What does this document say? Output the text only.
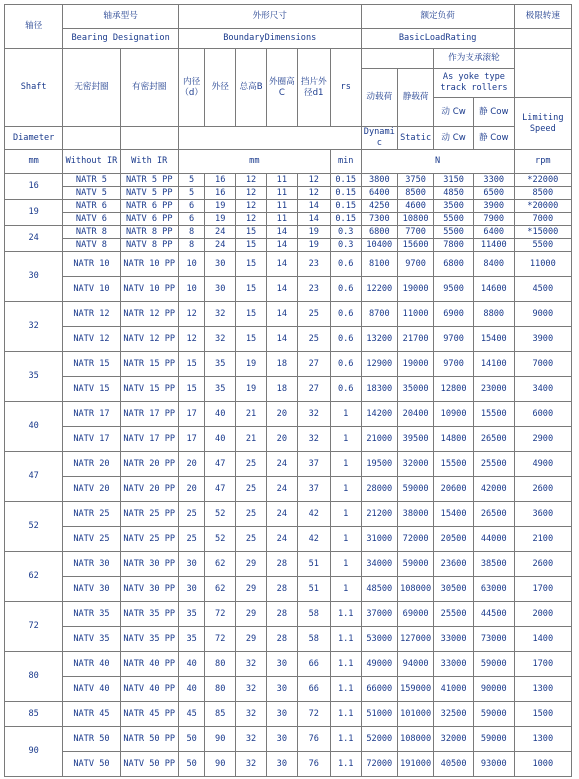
轴径	轴承型号		外形尺寸						额定负荷				极限转速
	Bearing Designation		BoundaryDimensions						BasicLoadRating				
Shaft	无密封圈	有密封圈	内径（d）	外径	总高B	外圈高C	挡片外径d1	rs			作为支承滚轮		
									动载荷	静载荷	As yoke type track rollers		
											动 Cw	静 Cow	Limiting Speed
Diameter									Dynamic	Static	动 Cw	静 Cow	
mm	Without IR	With IR	mm					min	N				rpm
16	NATR 5	NATR 5 PP	5	16	12	11	12	0.15	3800	3750	3150	3300	*22000
	NATV 5	NATV 5 PP	5	16	12	11	12	0.15	6400	8500	4850	6500	8500
19	NATR 6	NATR 6 PP	6	19	12	11	14	0.15	4250	4600	3500	3900	*20000
	NATV 6	NATV 6 PP	6	19	12	11	14	0.15	7300	10800	5500	7900	7000
24	NATR 8	NATR 8 PP	8	24	15	14	19	0.3	6800	7700	5500	6400	*15000
	NATV 8	NATV 8 PP	8	24	15	14	19	0.3	10400	15600	7800	11400	5500
30	NATR 10	NATR 10 PP	10	30	15	14	23	0.6	8100	9700	6800	8400	11000
	NATV 10	NATV 10 PP	10	30	15	14	23	0.6	12200	19000	9500	14600	4500
32	NATR 12	NATR 12 PP	12	32	15	14	25	0.6	8700	11000	6900	8800	9000
	NATV 12	NATV 12 PP	12	32	15	14	25	0.6	13200	21700	9700	15400	3900
35	NATR 15	NATR 15 PP	15	35	19	18	27	0.6	12900	19000	9700	14100	7000
	NATV 15	NATV 15 PP	15	35	19	18	27	0.6	18300	35000	12800	23000	3400
40	NATR 17	NATR 17 PP	17	40	21	20	32	1	14200	20400	10900	15500	6000
	NATV 17	NATV 17 PP	17	40	21	20	32	1	21000	39500	14800	26500	2900
47	NATR 20	NATR 20 PP	20	47	25	24	37	1	19500	32000	15500	25500	4900
	NATV 20	NATV 20 PP	20	47	25	24	37	1	28000	59000	20600	42000	2600
52	NATR 25	NATR 25 PP	25	52	25	24	42	1	21200	38000	15400	26500	3600
	NATV 25	NATV 25 PP	25	52	25	24	42	1	31000	72000	20500	44000	2100
62	NATR 30	NATR 30 PP	30	62	29	28	51	1	34000	59000	23600	38500	2600
	NATV 30	NATV 30 PP	30	62	29	28	51	1	48500	108000	30500	63000	1700
72	NATR 35	NATR 35 PP	35	72	29	28	58	1.1	37000	69000	25500	44500	2000
	NATV 35	NATV 35 PP	35	72	29	28	58	1.1	53000	127000	33000	73000	1400
80	NATR 40	NATR 40 PP	40	80	32	30	66	1.1	49000	94000	33000	59000	1700
	NATV 40	NATV 40 PP	40	80	32	30	66	1.1	66000	159000	41000	90000	1300
85	NATR 45	NATR 45 PP	45	85	32	30	72	1.1	51000	101000	32500	59000	1500
90	NATR 50	NATR 50 PP	50	90	32	30	76	1.1	52000	108000	32000	59000	1300
	NATV 50	NATV 50 PP	50	90	32	30	76	1.1	72000	191000	40500	93000	1000
